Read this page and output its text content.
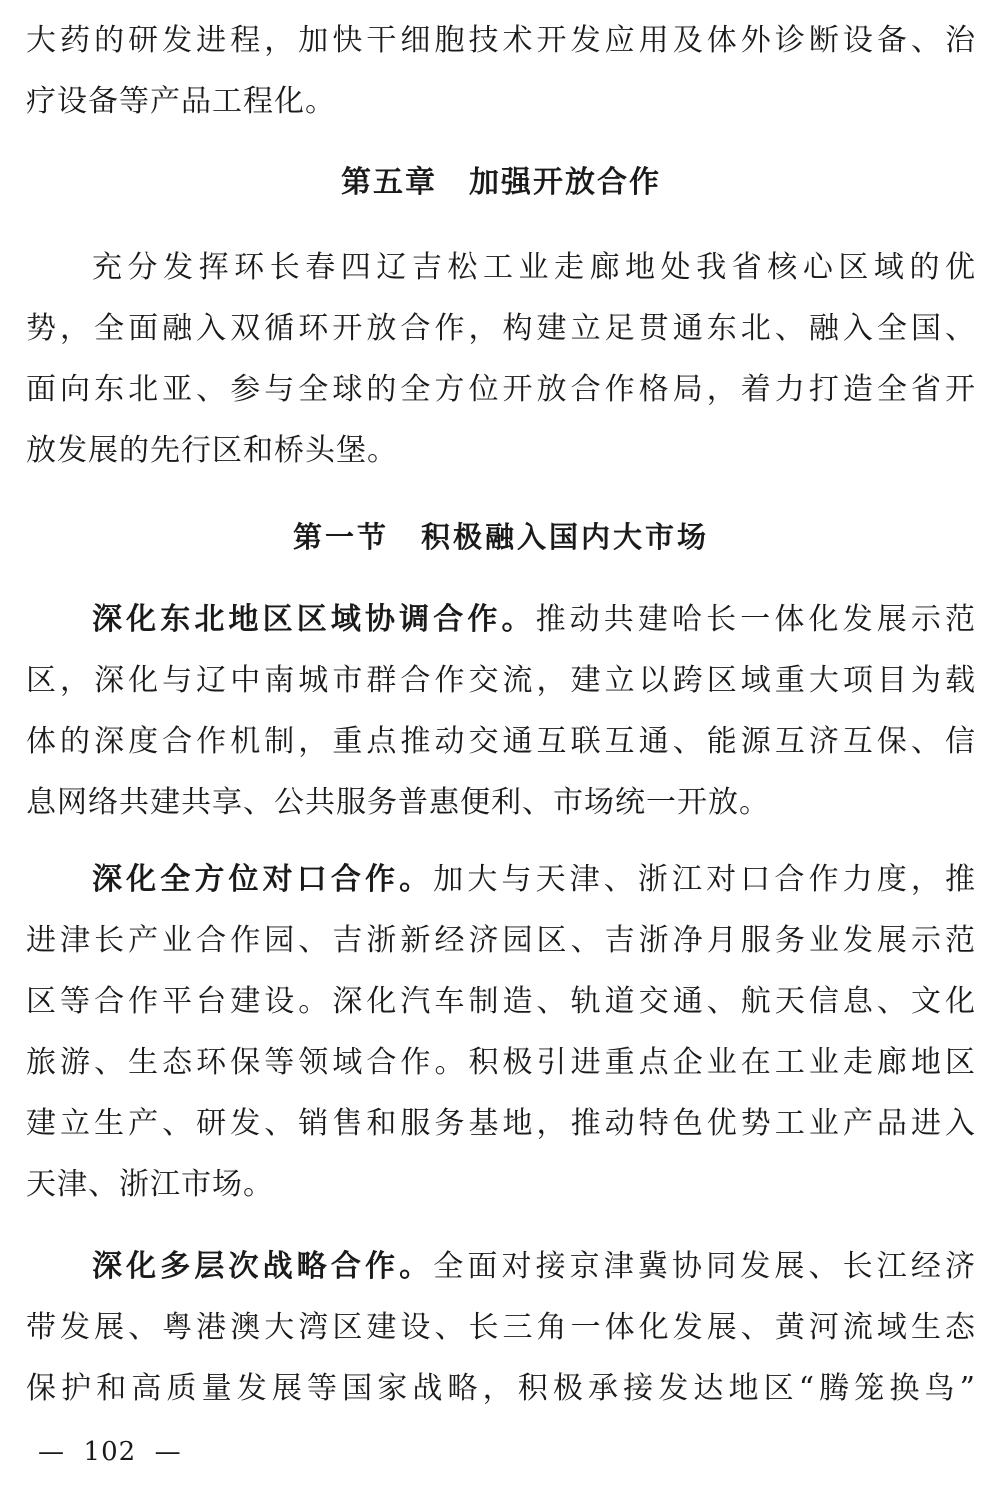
大药的研发进程，加快干细胞技术开发应用及体外诊断设备、治
疗设备等产品工程化。
第五章　加强开放合作
充分发挥环长春四辽吉松工业走廊地处我省核心区域的优
势，全面融入双循环开放合作，构建立足贯通东北、融入全国、
面向东北亚、参与全球的全方位开放合作格局，着力打造全省开
放发展的先行区和桥头堡。
第一节　积极融入国内大市场
深化东北地区区域协调合作。推动共建哈长一体化发展示范
区，深化与辽中南城市群合作交流，建立以跨区域重大项目为载
体的深度合作机制，重点推动交通互联互通、能源互济互保、信
息网络共建共享、公共服务普惠便利、市场统一开放。
深化全方位对口合作。加大与天津、浙江对口合作力度，推
进津长产业合作园、吉浙新经济园区、吉浙净月服务业发展示范
区等合作平台建设。深化汽车制造、轨道交通、航天信息、文化
旅游、生态环保等领域合作。积极引进重点企业在工业走廊地区
建立生产、研发、销售和服务基地，推动特色优势工业产品进入
天津、浙江市场。
深化多层次战略合作。全面对接京津冀协同发展、长江经济
带发展、粤港澳大湾区建设、长三角一体化发展、黄河流域生态
保护和高质量发展等国家战略，积极承接发达地区“腾笼换鸟”
—  102  —
